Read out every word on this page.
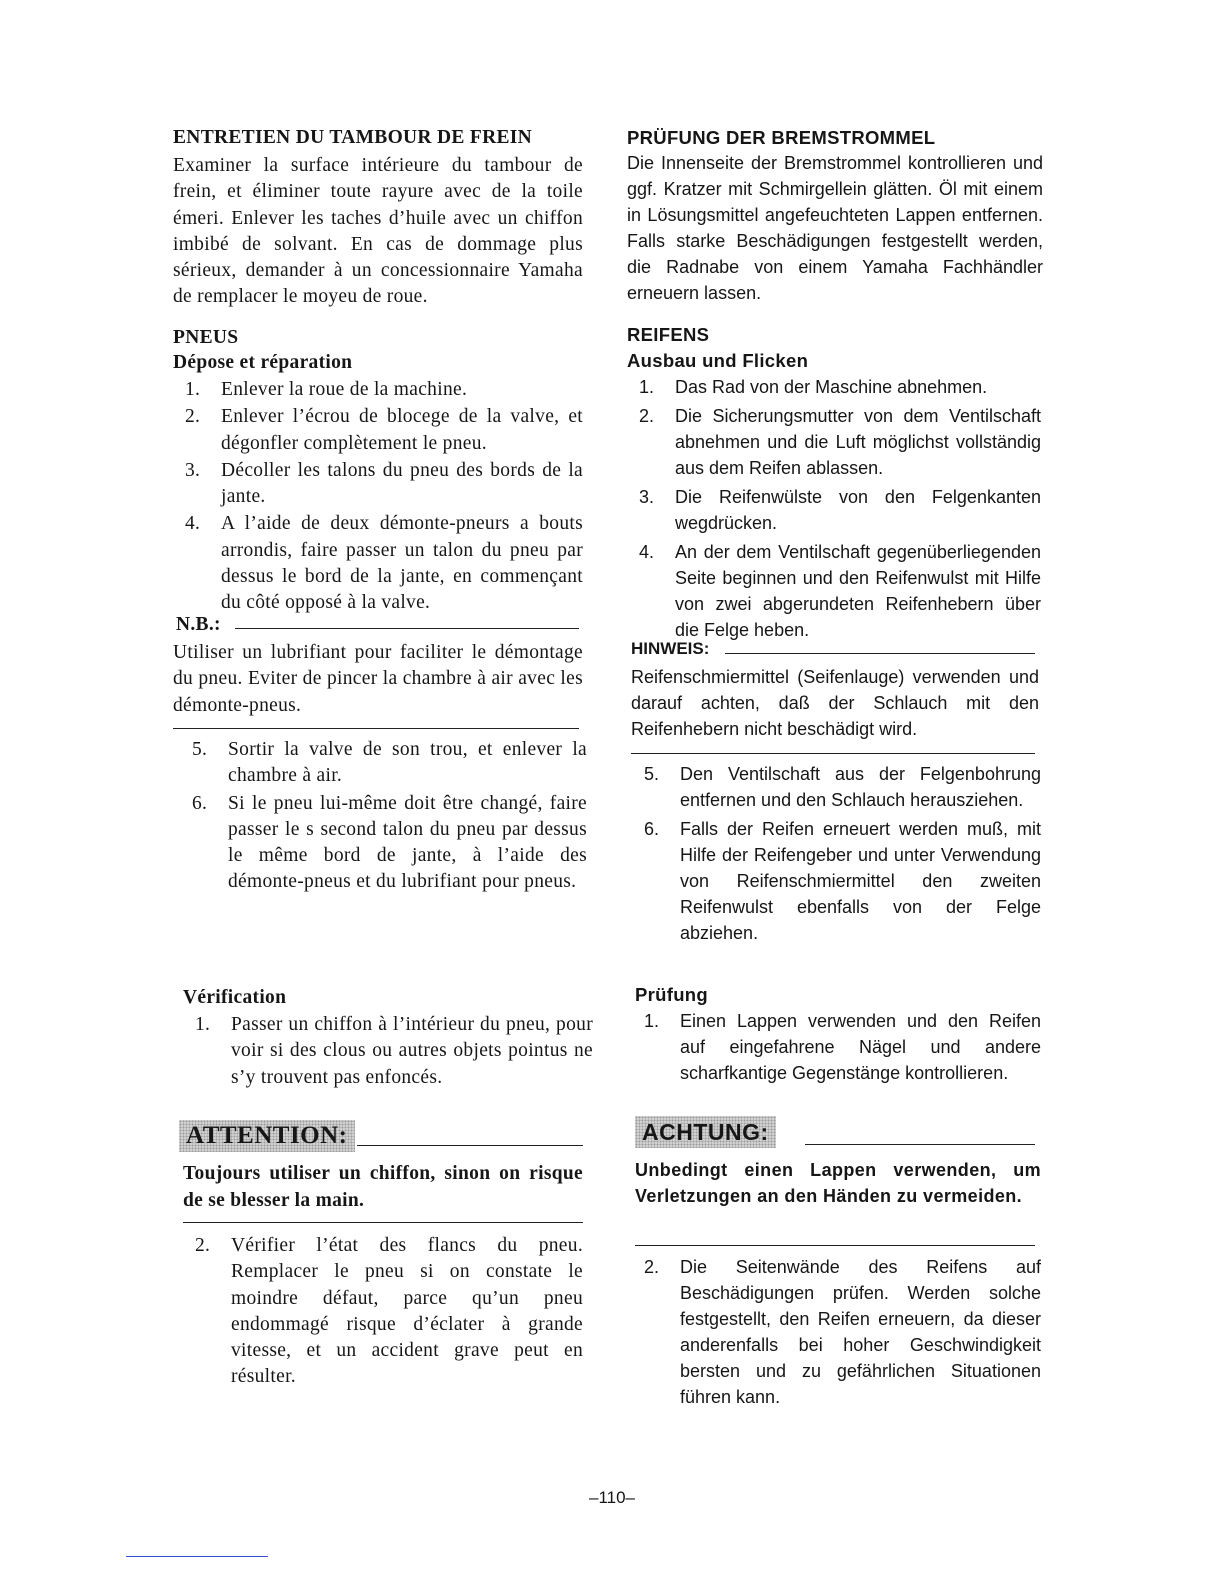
ENTRETIEN DU TAMBOUR DE FREIN

Examiner la surface intérieure du tambour de frein, et éliminer toute rayure avec de la toile émeri. Enlever les taches d’huile avec un chiffon imbibé de solvant. En cas de dommage plus sérieux, demander à un concessionnaire Yamaha de remplacer le moyeu de roue.

PNEUS
Dépose et réparation
1. Enlever la roue de la machine.
2. Enlever l’écrou de blocege de la valve, et dégonfler complètement le pneu.
3. Décoller les talons du pneu des bords de la jante.
4. A l’aide de deux démonte-pneurs a bouts arrondis, faire passer un talon du pneu par dessus le bord de la jante, en commençant du côté opposé à la valve.
N.B.:

Utiliser un lubrifiant pour faciliter le démontage du pneu. Eviter de pincer la chambre à air avec les démonte-pneus.

5. Sortir la valve de son trou, et enlever la chambre à air.
6. Si le pneu lui-même doit être changé, faire passer le s second talon du pneu par dessus le même bord de jante, à l’aide des démonte-pneus et du lubrifiant pour pneus.
Vérification
1. Passer un chiffon à l’intérieur du pneu, pour voir si des clous ou autres objets pointus ne s’y trouvent pas enfoncés.
ATTENTION:

Toujours utiliser un chiffon, sinon on risque de se blesser la main.

2. Vérifier l’état des flancs du pneu. Remplacer le pneu si on constate le moindre défaut, parce qu’un pneu endommagé risque d’éclater à grande vitesse, et un accident grave peut en résulter.
PRÜFUNG DER BREMSTROMMEL

Die Innenseite der Bremstrommel kontrollieren und ggf. Kratzer mit Schmirgellein glätten. Öl mit einem in Lösungsmittel angefeuchteten Lappen entfernen. Falls starke Beschädigungen festgestellt werden, die Radnabe von einem Yamaha Fachhändler erneuern lassen.

REIFENS
Ausbau und Flicken
1. Das Rad von der Maschine abnehmen.
2. Die Sicherungsmutter von dem Ventilschaft abnehmen und die Luft möglichst vollständig aus dem Reifen ablassen.
3. Die Reifenwülste von den Felgenkanten wegdrücken.
4. An der dem Ventilschaft gegenüberliegenden Seite beginnen und den Reifenwulst mit Hilfe von zwei abgerundeten Reifenhebern über die Felge heben.
HINWEIS:

Reifenschmiermittel (Seifenlauge) verwenden und darauf achten, daß der Schlauch mit den Reifenhebern nicht beschädigt wird.

5. Den Ventilschaft aus der Felgenbohrung entfernen und den Schlauch herausziehen.
6. Falls der Reifen erneuert werden muß, mit Hilfe der Reifengeber und unter Verwendung von Reifenschmiermittel den zweiten Reifenwulst ebenfalls von der Felge abziehen.
Prüfung
1. Einen Lappen verwenden und den Reifen auf eingefahrene Nägel und andere scharfkantige Gegenstänge kontrollieren.
ACHTUNG:

Unbedingt einen Lappen verwenden, um Verletzungen an den Händen zu vermeiden.

2. Die Seitenwände des Reifens auf Beschädigungen prüfen. Werden solche festgestellt, den Reifen erneuern, da dieser anderenfalls bei hoher Geschwindigkeit bersten und zu gefährlichen Situationen führen kann.
–110–
